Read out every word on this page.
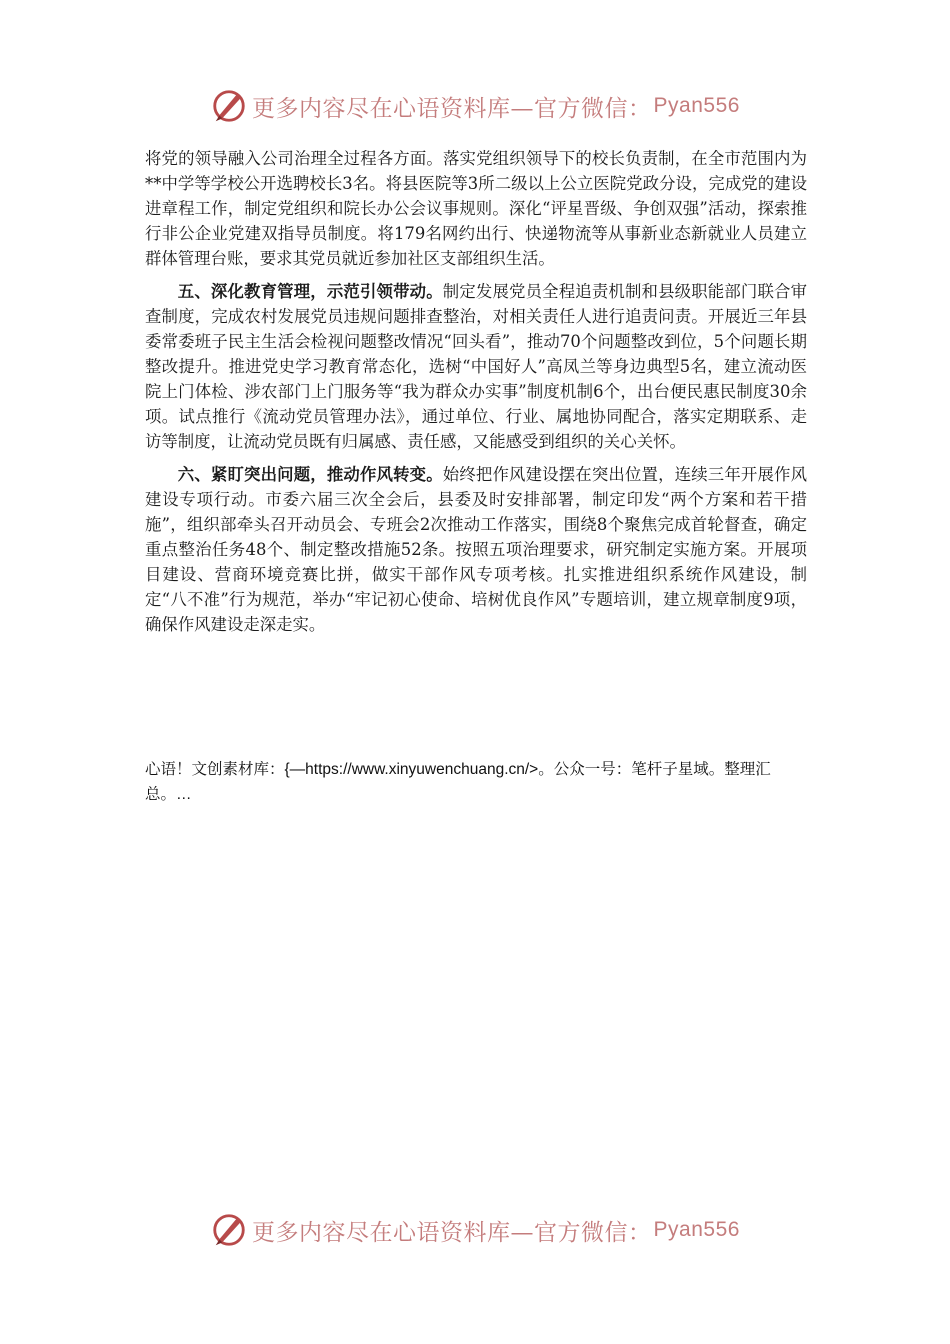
更多内容尽在心语资料库—官方微信： Pyan556

将党的领导融入公司治理全过程各方面。落实党组织领导下的校长负责制，在全市范围内为**中学等学校公开选聘校长3名。将县医院等3所二级以上公立医院党政分设，完成党的建设进章程工作，制定党组织和院长办公会议事规则。深化“评星晋级、争创双强”活动，探索推行非公企业党建双指导员制度。将179名网约出行、快递物流等从事新业态新就业人员建立群体管理台账，要求其党员就近参加社区支部组织生活。

五、深化教育管理，示范引领带动。制定发展党员全程追责机制和县级职能部门联合审查制度，完成农村发展党员违规问题排查整治，对相关责任人进行追责问责。开展近三年县委常委班子民主生活会检视问题整改情况“回头看”，推动70个问题整改到位，5个问题长期整改提升。推进党史学习教育常态化，选树“中国好人”高凤兰等身边典型5名，建立流动医院上门体检、涉农部门上门服务等“我为群众办实事”制度机制6个，出台便民惠民制度30余项。试点推行《流动党员管理办法》，通过单位、行业、属地协同配合，落实定期联系、走访等制度，让流动党员既有归属感、责任感，又能感受到组织的关心关怀。

六、紧盯突出问题，推动作风转变。始终把作风建设摆在突出位置，连续三年开展作风建设专项行动。市委六届三次全会后，县委及时安排部署，制定印发“两个方案和若干措施”，组织部牵头召开动员会、专班会2次推动工作落实，围绕8个聚焦完成首轮督查，确定重点整治任务48个、制定整改措施52条。按照五项治理要求，研究制定实施方案。开展项目建设、营商环境竞赛比拼，做实干部作风专项考核。扎实推进组织系统作风建设，制定“八不准”行为规范，举办“牢记初心使命、培树优良作风”专题培训，建立规章制度9项，确保作风建设走深走实。

心语！文创素材库：{—https://www.xinyuwenchuang.cn/>。公众一号：笔杆子星域。整理汇总。…
更多内容尽在心语资料库—官方微信： Pyan556
